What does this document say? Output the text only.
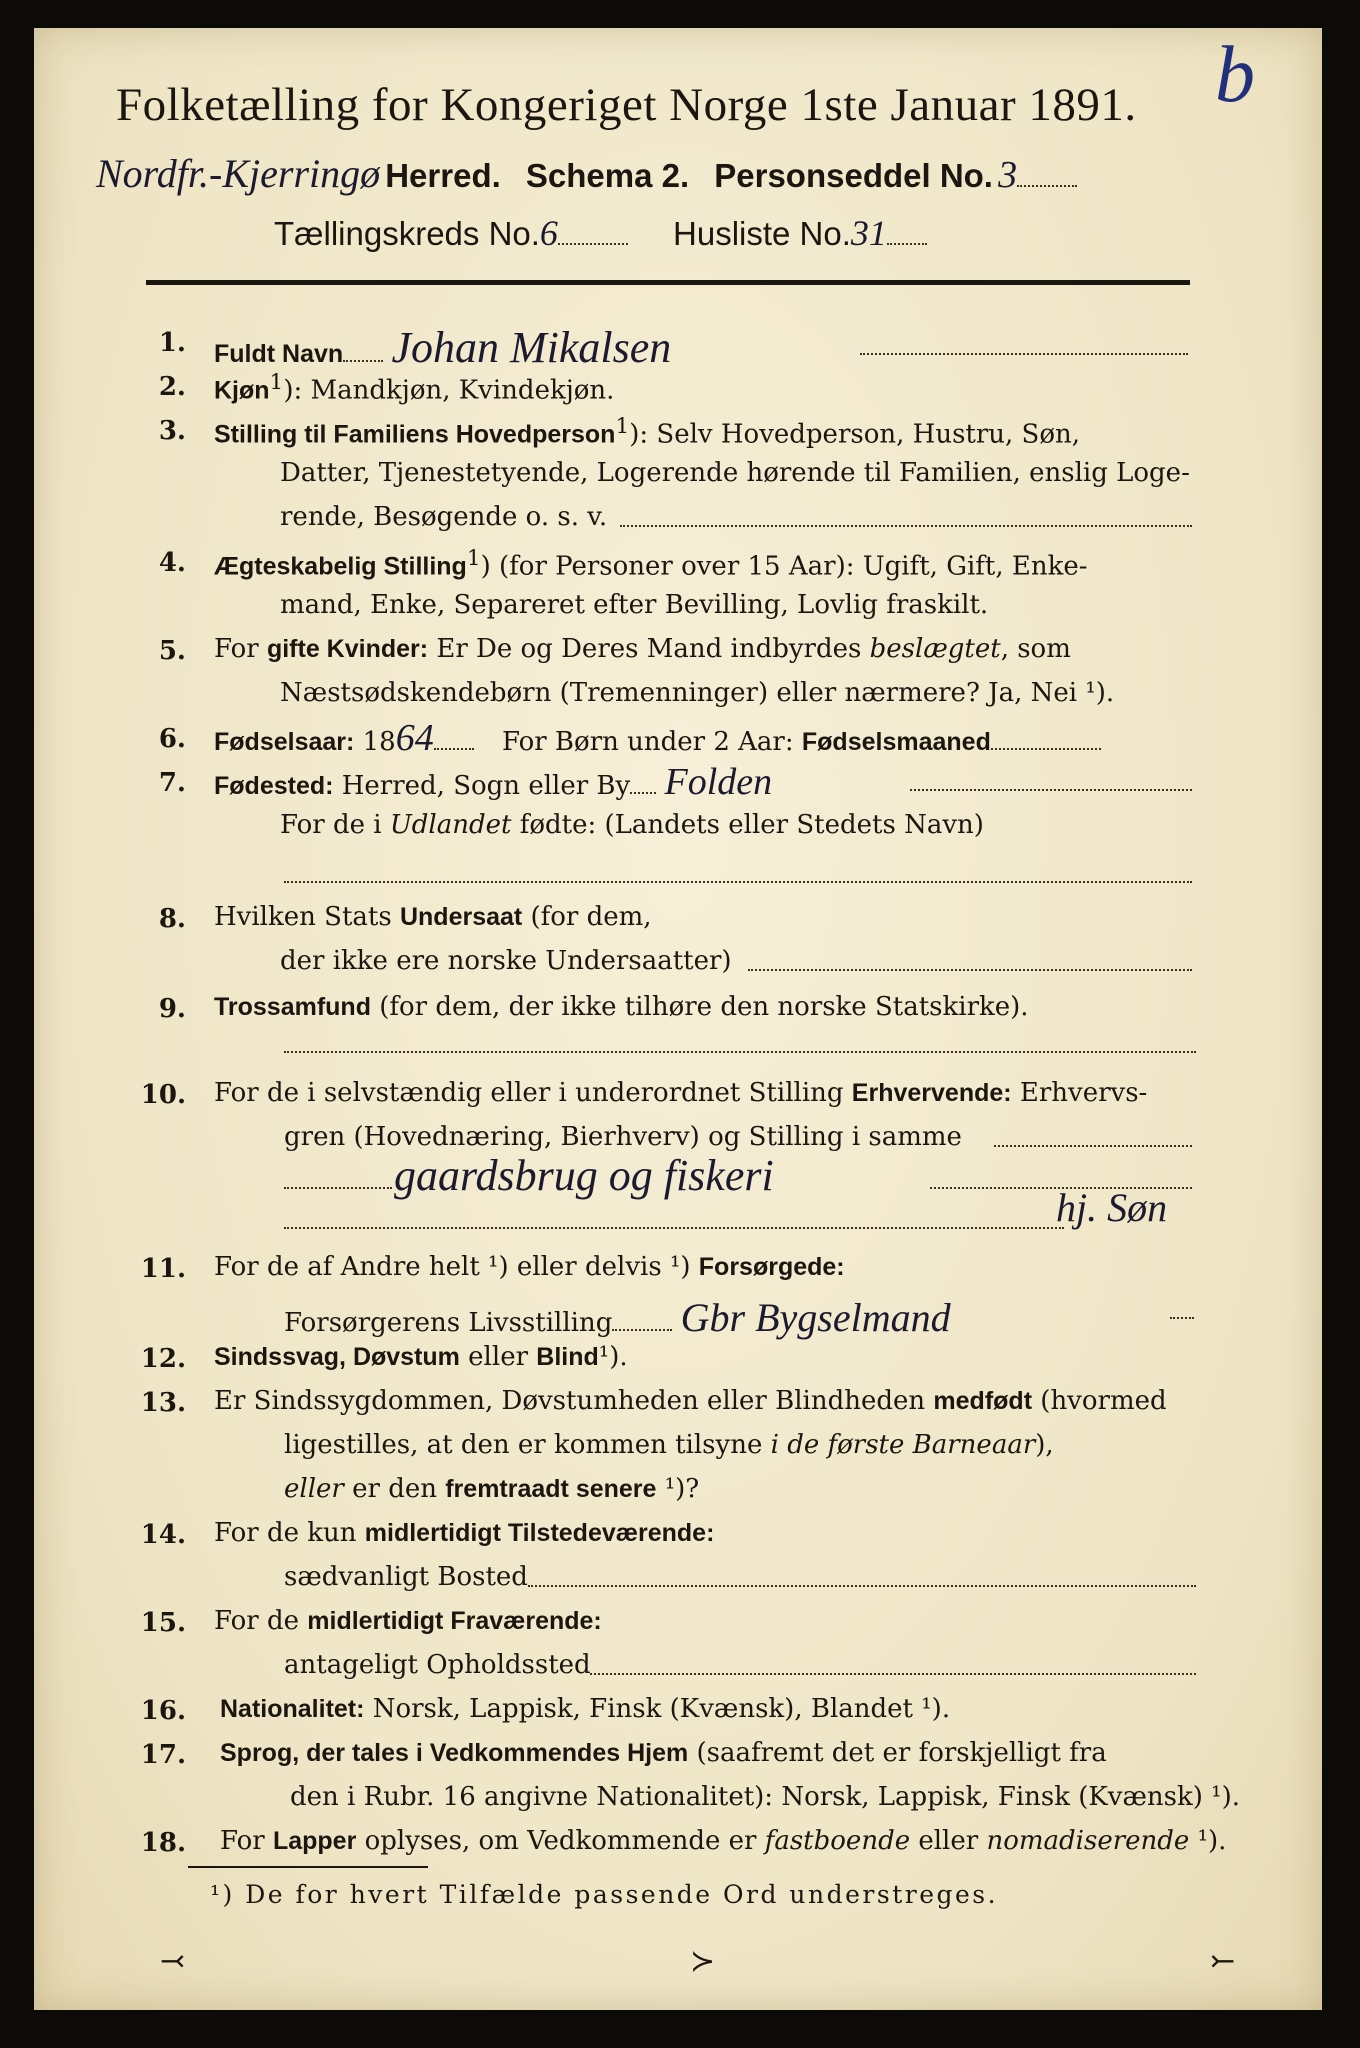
Folketælling for Kongeriget Norge 1ste Januar 1891. b
Nordfr.-Kjerringø Herred. Schema 2. Personseddel No. 3
Tællingskreds No.6	Husliste No.31
1. Fuldt Navn Johan Mikalsen
2. Kjøn$^1$): Mandkjøn, Kvindekjøn.
3. Stilling til Familiens Hovedperson$^1$): Selv Hovedperson, Hustru, Søn,
Datter, Tjenestetyende, Logerende hørende til Familien, enslig Loge-
rende, Besøgende o. s. v.
4. Ægteskabelig Stilling$^1$) (for Personer over 15 Aar): Ugift, Gift, Enke-
mand, Enke, Separeret efter Bevilling, Lovlig fraskilt.
5. For gifte Kvinder: Er De og Deres Mand indbyrdes beslægtet, som
Næstsødskendebørn (Tremenninger) eller nærmere? Ja, Nei ¹).
6. Fødselsaar: 1864	For Børn under 2 Aar: Fødselsmaaned
7. Fødested: Herred, Sogn eller By Folden
For de i Udlandet fødte: (Landets eller Stedets Navn)
8. Hvilken Stats Undersaat (for dem,
der ikke ere norske Undersaatter)
9. Trossamfund (for dem, der ikke tilhøre den norske Statskirke).
10. For de i selvstændig eller i underordnet Stilling Erhvervende: Erhvervs-
gren (Hovednæring, Bierhverv) og Stilling i samme
gaardsbrug og fiskeri
hj. Søn
11. For de af Andre helt ¹) eller delvis ¹) Forsørgede:
Forsørgerens Livsstilling Gbr Bygselmand
12. Sindssvag, Døvstum eller Blind¹).
13. Er Sindssygdommen, Døvstumheden eller Blindheden medfødt (hvormed
ligestilles, at den er kommen tilsyne i de første Barneaar),
eller er den fremtraadt senere ¹)?
14. For de kun midlertidigt Tilstedeværende:
sædvanligt Bosted
15. For de midlertidigt Fraværende:
antageligt Opholdssted
16. Nationalitet: Norsk, Lappisk, Finsk (Kvænsk), Blandet ¹).
17. Sprog, der tales i Vedkommendes Hjem (saafremt det er forskjelligt fra
den i Rubr. 16 angivne Nationalitet): Norsk, Lappisk, Finsk (Kvænsk) ¹).
18. For Lapper oplyses, om Vedkommende er fastboende eller nomadiserende ¹).
¹) De for hvert Tilfælde passende Ord understreges.
⤙	≻	⤚
